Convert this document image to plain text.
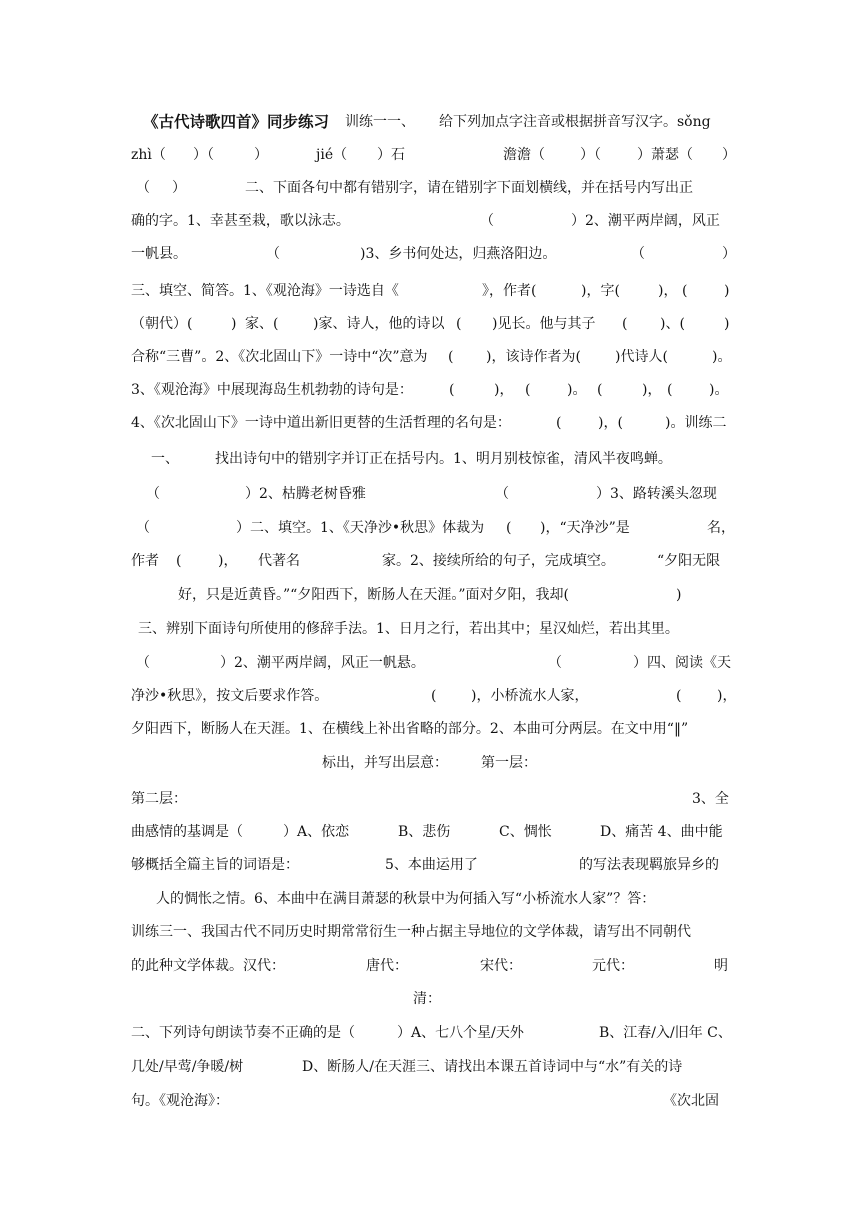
《古代诗歌四首》同步练习 训练一一、 给下列加点字注音或根据拼音写汉字。sǒng
zhì（ ）（	）	jié（ ）石	澹澹（	）（	）萧瑟（ ）
（ ）	二、下面各句中都有错别字，请在错别字下面划横线，并在括号内写出正
确的字。1、幸甚至栽，歌以泳志。	（	）2、潮平两岸阔，风正
一帆县。	（	)3、乡书何处达，归燕洛阳边。	（	）
三、填空、简答。1、《观沧海》一诗选自《	》，作者(	)，字(	)， (	)
（朝代）(	) 家、 ( )家、诗人，他的诗以 ( )见长。他与其子 ( )、(	)
合称“三曹”。2、《次北固山下》一诗中“次”意为 ( )，该诗作者为( )代诗人(	)。
3、《观沧海》中展现海岛生机勃勃的诗句是：	(	)， (	)。 (	)， (	)。
4、《次北固山下》一诗中道出新旧更替的生活哲理的名句是：	(	)，(	)。训练二
一、	找出诗句中的错别字并订正在括号内。1、明月别枝惊雀，清风半夜鸣蝉。
（	）2、枯腾老树昏雅	（	）3、路转溪头忽现
（	）二、填空。1、《天净沙•秋思》体裁为 ( )，“天净沙”是	名，
作者 (	)， 代著名	家。2、接续所给的句子，完成填空。	“夕阳无限
好，只是近黄昏。”“夕阳西下，断肠人在天涯。”面对夕阳，我却(	)
三、辨别下面诗句所使用的修辞手法。1、日月之行，若出其中；星汉灿烂，若出其里。
（	）2、潮平两岸阔，风正一帆悬。	（	）四、阅读《天
净沙•秋思》，按文后要求作答。	( )，小桥流水人家，	(	)，
夕阳西下，断肠人在天涯。1、在横线上补出省略的部分。2、本曲可分两层。在文中用“‖”
标出，并写出层意： 第一层：
第二层：	3、全
曲感情的基调是（	）A、依恋	B、悲伤	C、惆怅	D、痛苦 4、曲中能
够概括全篇主旨的词语是：	5、本曲运用了	的写法表现羁旅异乡的
人的惆怅之情。6、本曲中在满目萧瑟的秋景中为何插入写“小桥流水人家”？答：
训练三一、我国古代不同历史时期常常衍生一种占据主导地位的文学体裁，请写出不同朝代
的此种文学体裁。汉代：	唐代：	宋代：	元代：	明
清：
二、下列诗句朗读节奏不正确的是（	）A、七八个星/天外	B、江春/入/旧年 C、
几处/早莺/争暖/树	D、断肠人/在天涯三、请找出本课五首诗词中与“水”有关的诗
句。《观沧海》：	《次北固
